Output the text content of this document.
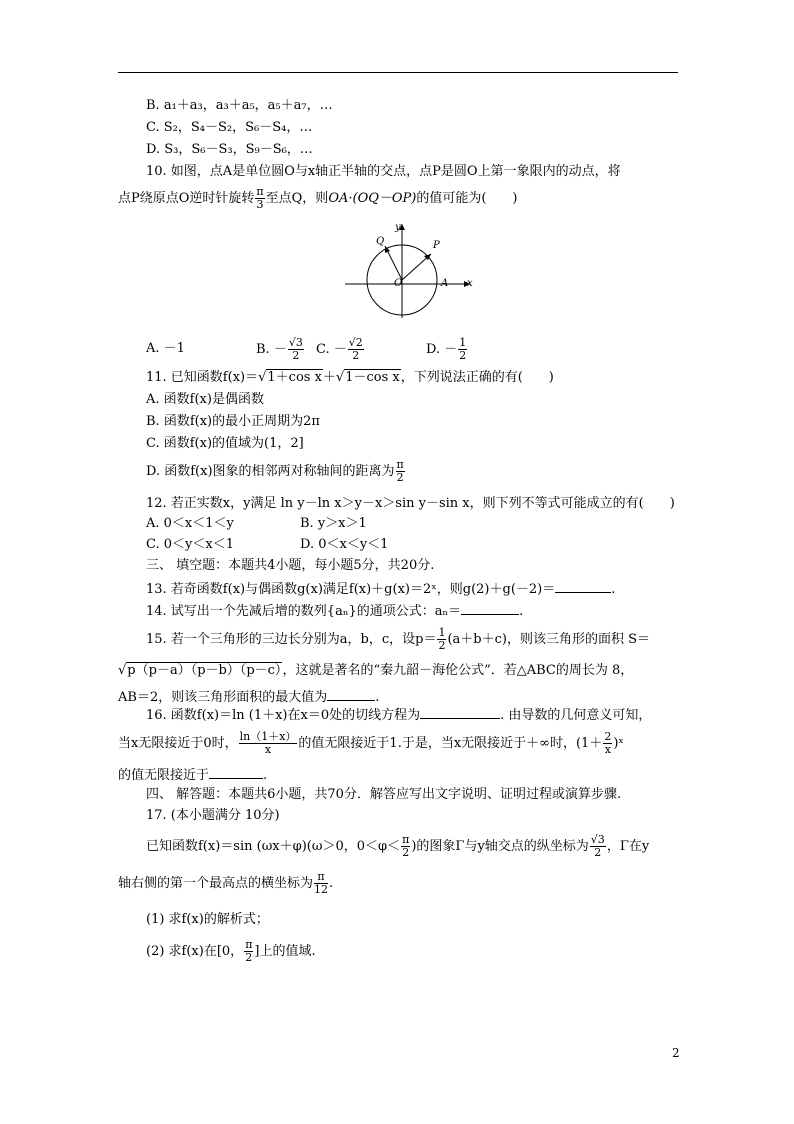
B. a₁＋a₃，a₃＋a₅，a₅＋a₇，…
C. S₂，S₄－S₂，S₆－S₄，…
D. S₃，S₆－S₃，S₉－S₆，…
10. 如图，点A是单位圆O与x轴正半轴的交点，点P是圆O上第一象限内的动点，将
点P绕原点O逆时针旋转 $\frac{\pi}{3}$ 至点Q，则OA·(OQ－OP)的值可能为(　　)
Q	P
O	A x
y
A. －1	B. － $\frac{√3}{2} C$. － $\frac{√2}{2}$	D. － $\frac{1}{2}$
11. 已知函数f(x)＝√1＋cos x＋√1－cos x，下列说法正确的有(　　)
A. 函数f(x)是偶函数
B. 函数f(x)的最小正周期为2π
C. 函数f(x)的值域为(1，2]
D. 函数f(x)图象的相邻两对称轴间的距离为 $\frac{\pi}{2}$
12. 若正实数x，y满足 ln y－ln x＞y－x＞sin y－sin x，则下列不等式可能成立的有(　　)
A. 0＜x＜1＜y	B. y＞x＞1
C. 0＜y＜x＜1	D. 0＜x＜y＜1
三、 填空题：本题共4小题，每小题5分，共20分.
13. 若奇函数f(x)与偶函数g(x)满足f(x)＋g(x)＝2ˣ，则g(2)＋g(－2)＝	.
14. 试写出一个先减后增的数列{aₙ}的通项公式：aₙ＝	.
15. 若一个三角形的三边长分别为a，b，c，设$p= \frac{1}{2} (a+b+c)$，则该三角形的面积 S＝
√p（p－a）（p－b）（p－c），这就是著名的“秦九韶－海伦公式”．若△ABC的周长为 8，
AB＝2，则该三角形面积的最大值为	.
16. 函数f(x)＝ln (1＋x)在x＝0处的切线方程为	. 由导数的几何意义可知，
当x无限接近于0时， $\frac{\ln(1+x)}{x}$ 的值无限接近于1.于是，当x无限接近于＋∞时，($1+ \frac{2}{x}$ )ˣ
的值无限接近于	.
四、 解答题：本题共6小题，共70分．解答应写出文字说明、证明过程或演算步骤.
17. (本小题满分 10分)
已知函数f(x)＝sin (ωx＋φ)(ω＞0，$0<\varphi< \frac{\pi}{2}$ )的图象Γ与y轴交点的纵坐标为 $\frac{√3}{2}$ ，Γ在y
轴右侧的第一个最高点的横坐标为 $\frac{\pi}{12}$ .
(1) 求f(x)的解析式；
(2) 求f(x)在[0， $\frac{\pi}{2}$ ]上的值域.
2
